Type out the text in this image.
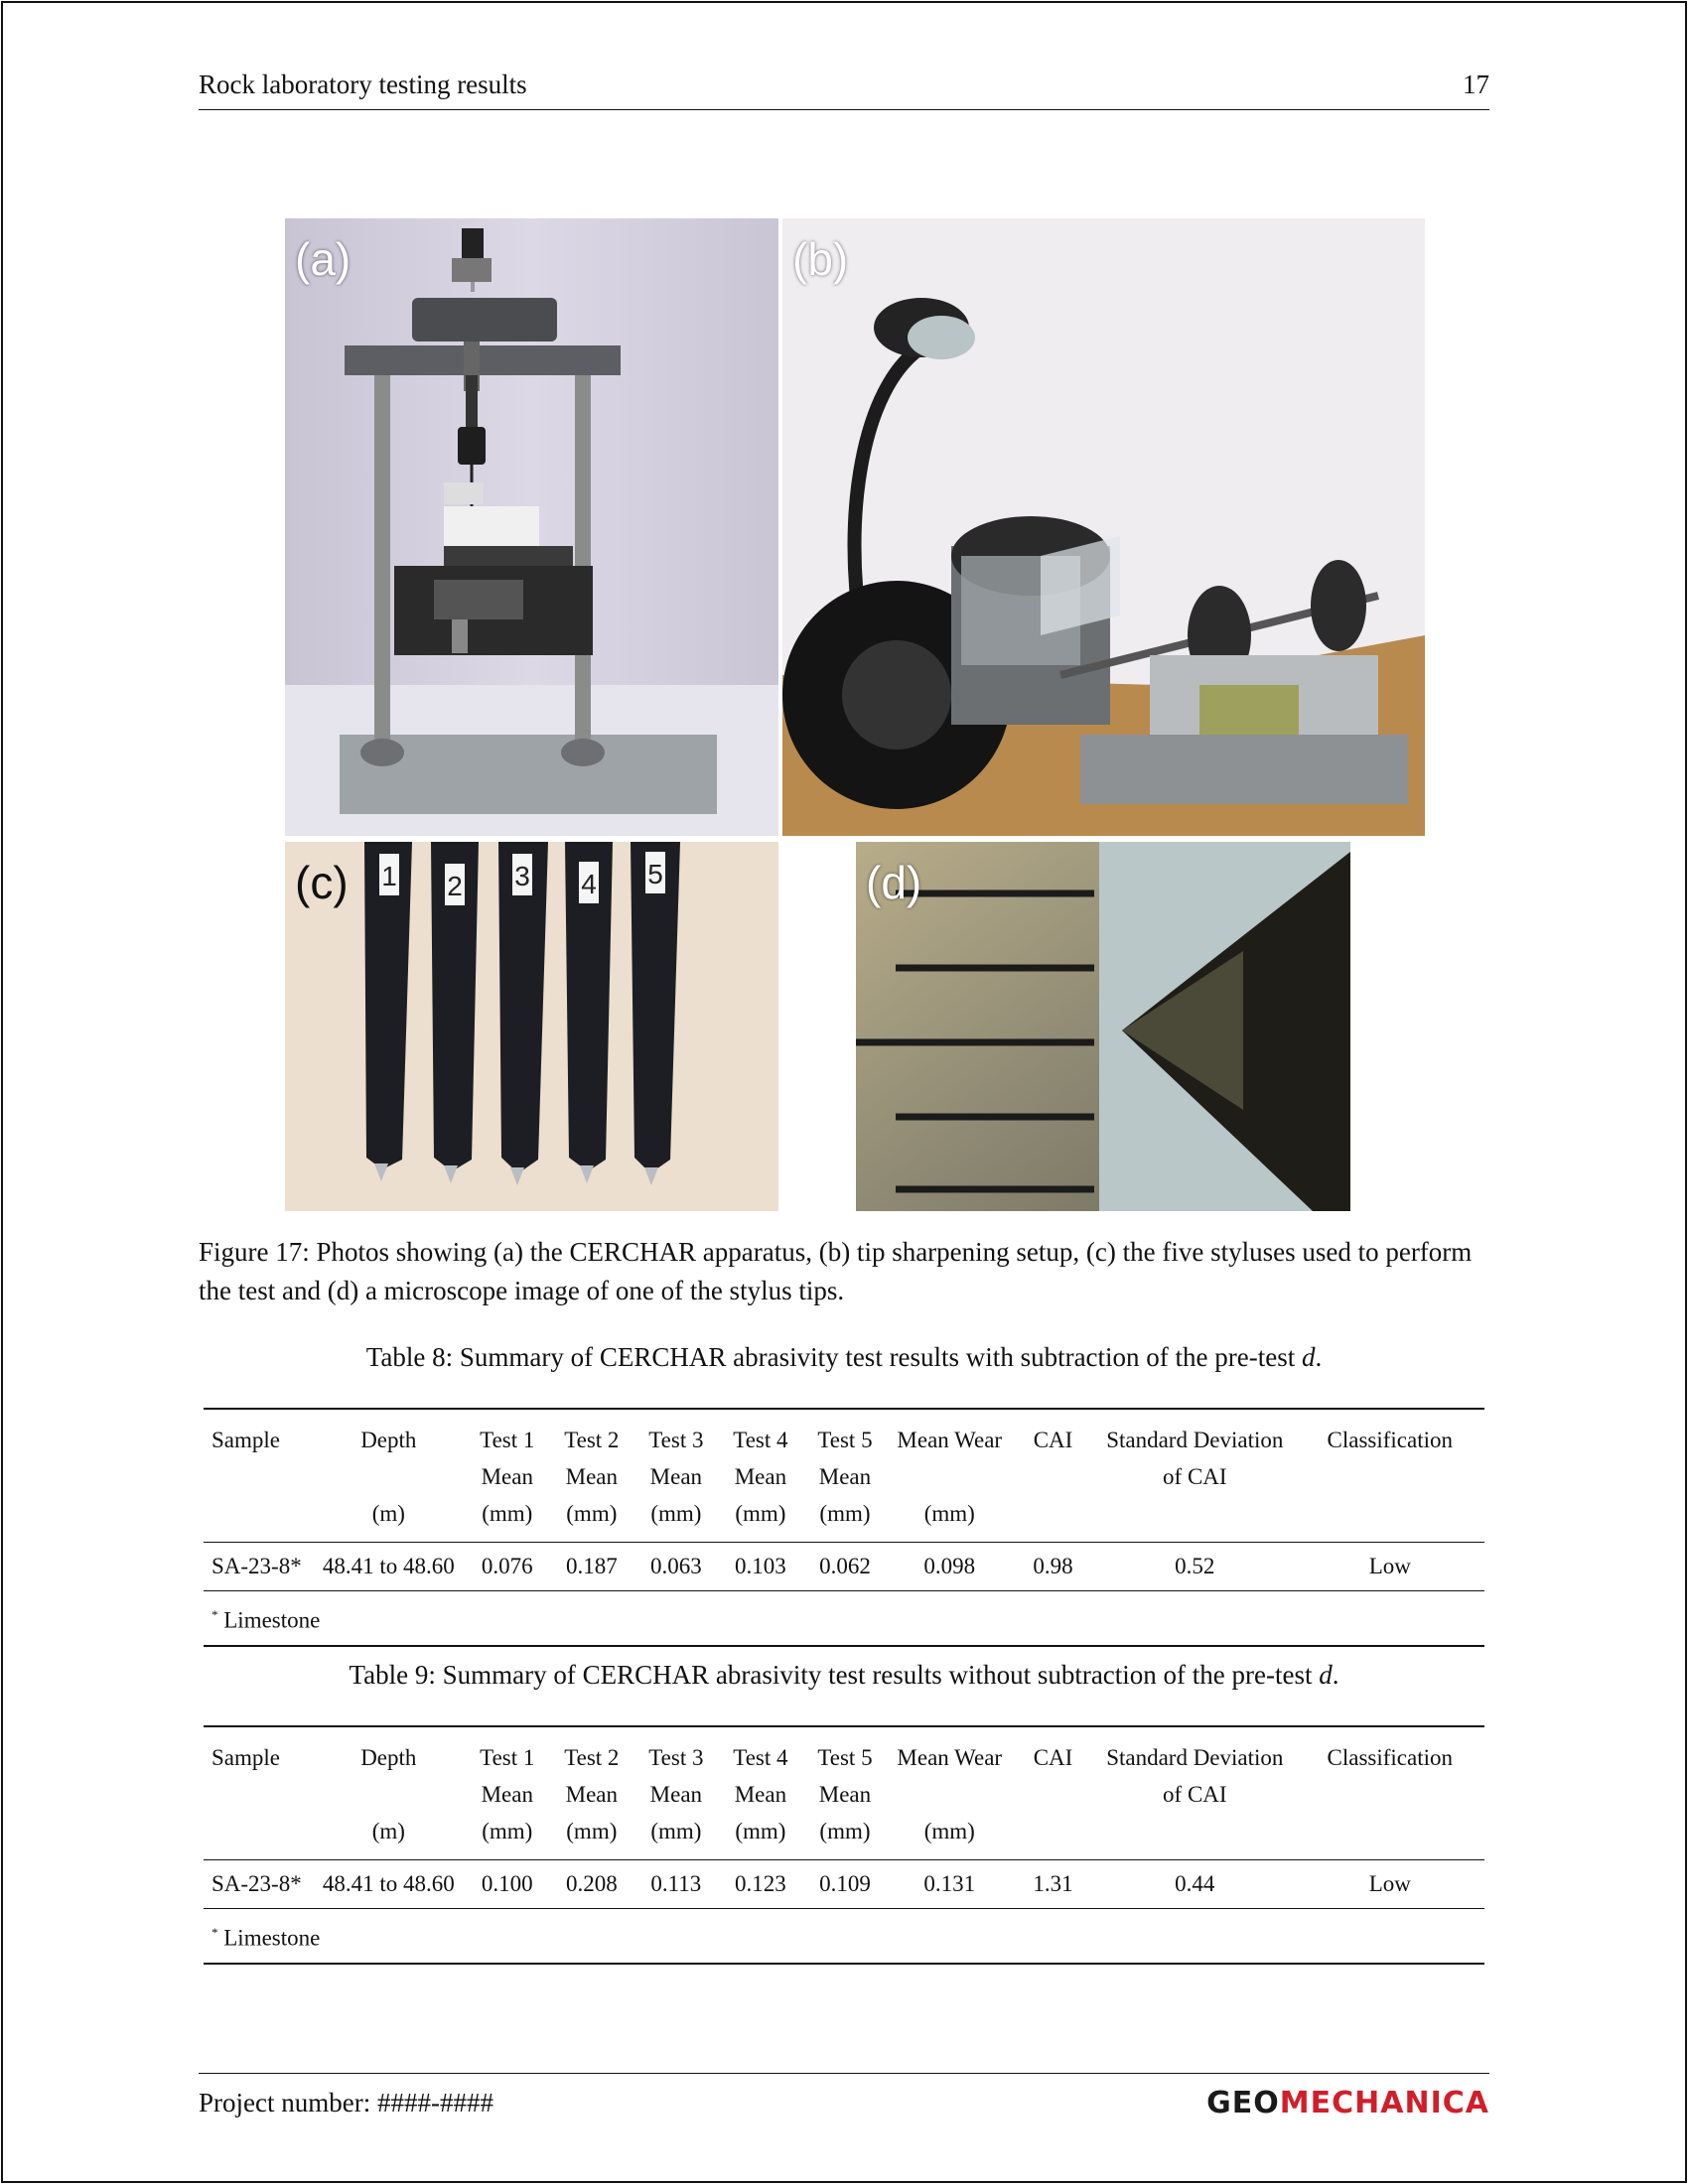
Rock laboratory testing results	17
(a)	(b)
1 2 3 4 5
(c)	(d)
Figure 17: Photos showing (a) the CERCHAR apparatus, (b) tip sharpening setup, (c) the five styluses used to perform the test and (d) a microscope image of one of the stylus tips.
Table 8: Summary of CERCHAR abrasivity test results with subtraction of the pre-test d.
Sample	Depth	Test 1	Test 2	Test 3	Test 4	Test 5	Mean Wear	CAI	Standard Deviation	Classification
		Mean	Mean	Mean	Mean	Mean			of CAI	
	(m)	(mm)	(mm)	(mm)	(mm)	(mm)	(mm)			
SA-23-8*	48.41 to 48.60	0.076	0.187	0.063	0.103	0.062	0.098	0.98	0.52	Low
* Limestone										
Table 9: Summary of CERCHAR abrasivity test results without subtraction of the pre-test d.
Sample	Depth	Test 1	Test 2	Test 3	Test 4	Test 5	Mean Wear	CAI	Standard Deviation	Classification
		Mean	Mean	Mean	Mean	Mean			of CAI	
	(m)	(mm)	(mm)	(mm)	(mm)	(mm)	(mm)			
SA-23-8*	48.41 to 48.60	0.100	0.208	0.113	0.123	0.109	0.131	1.31	0.44	Low
* Limestone										
Project number: ####-####	GEOMECHANICA
